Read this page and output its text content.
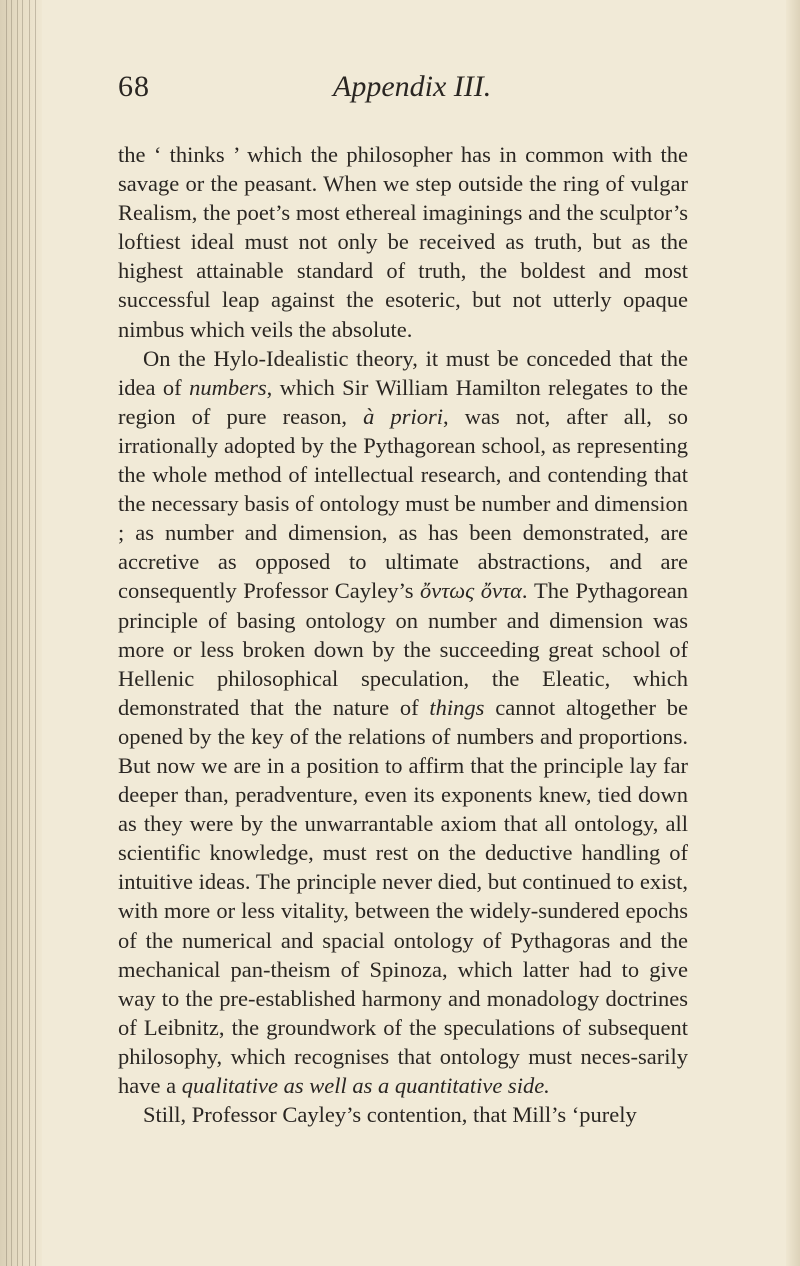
68	Appendix III.

the ‘ thinks ’ which the philosopher has in common with the savage or the peasant. When we step outside the ring of vulgar Realism, the poet’s most ethereal imaginings and the sculptor’s loftiest ideal must not only be received as truth, but as the highest attainable standard of truth, the boldest and most successful leap against the esoteric, but not utterly opaque nimbus which veils the absolute.

On the Hylo-Idealistic theory, it must be conceded that the idea of numbers, which Sir William Hamilton relegates to the region of pure reason, à priori, was not, after all, so irrationally adopted by the Pythagorean school, as representing the whole method of intellectual research, and contending that the necessary basis of ontology must be number and dimension ; as number and dimension, as has been demonstrated, are accretive as opposed to ultimate abstractions, and are consequently Professor Cayley’s ὄντως ὄντα. The Pythagorean principle of basing ontology on number and dimension was more or less broken down by the succeeding great school of Hellenic philosophical speculation, the Eleatic, which demonstrated that the nature of things cannot altogether be opened by the key of the relations of numbers and proportions. But now we are in a position to affirm that the principle lay far deeper than, peradventure, even its exponents knew, tied down as they were by the unwarrantable axiom that all ontology, all scientific knowledge, must rest on the deductive handling of intuitive ideas. The principle never died, but continued to exist, with more or less vitality, between the widely-sundered epochs of the numerical and spacial ontology of Pythagoras and the mechanical pan-theism of Spinoza, which latter had to give way to the pre-established harmony and monadology doctrines of Leibnitz, the groundwork of the speculations of subsequent philosophy, which recognises that ontology must neces-sarily have a qualitative as well as a quantitative side.

Still, Professor Cayley’s contention, that Mill’s ‘purely
